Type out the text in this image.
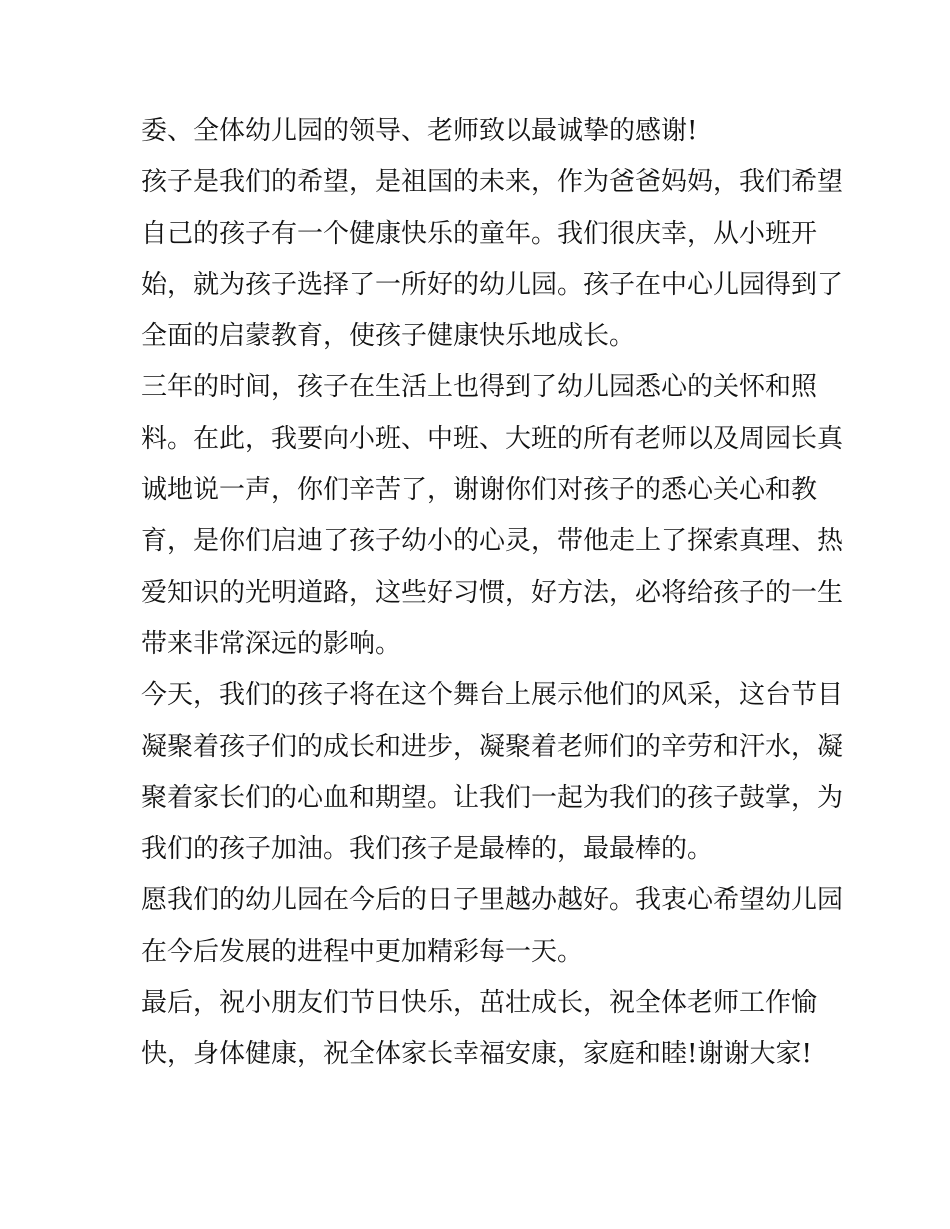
委、全体幼儿园的领导、老师致以最诚挚的感谢!
孩子是我们的希望，是祖国的未来，作为爸爸妈妈，我们希望
自己的孩子有一个健康快乐的童年。我们很庆幸，从小班开
始，就为孩子选择了一所好的幼儿园。孩子在中心儿园得到了
全面的启蒙教育，使孩子健康快乐地成长。
三年的时间，孩子在生活上也得到了幼儿园悉心的关怀和照
料。在此，我要向小班、中班、大班的所有老师以及周园长真
诚地说一声，你们辛苦了，谢谢你们对孩子的悉心关心和教
育，是你们启迪了孩子幼小的心灵，带他走上了探索真理、热
爱知识的光明道路，这些好习惯，好方法，必将给孩子的一生
带来非常深远的影响。
今天，我们的孩子将在这个舞台上展示他们的风采，这台节目
凝聚着孩子们的成长和进步，凝聚着老师们的辛劳和汗水，凝
聚着家长们的心血和期望。让我们一起为我们的孩子鼓掌，为
我们的孩子加油。我们孩子是最棒的，最最棒的。
愿我们的幼儿园在今后的日子里越办越好。我衷心希望幼儿园
在今后发展的进程中更加精彩每一天。
最后，祝小朋友们节日快乐，茁壮成长，祝全体老师工作愉
快，身体健康，祝全体家长幸福安康，家庭和睦!谢谢大家!
